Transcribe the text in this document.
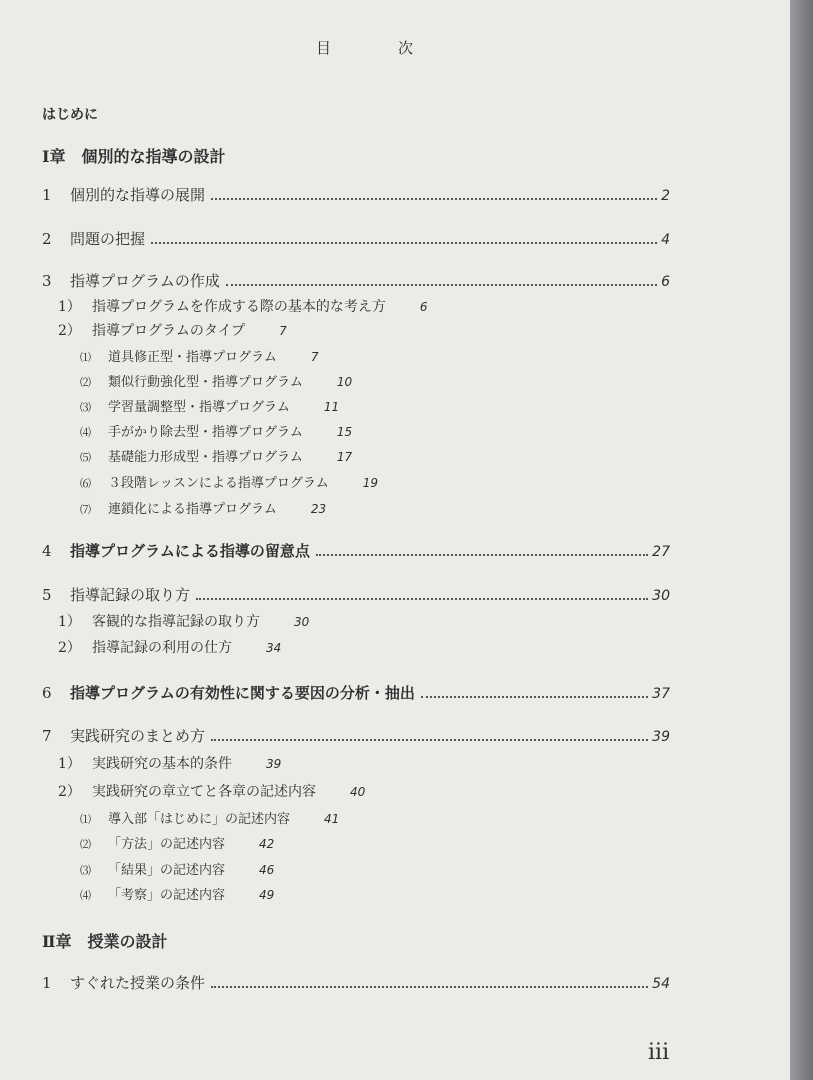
目　次
はじめに
Ⅰ章　個別的な指導の設計
1	個別的な指導の展開	2
2	問題の把握	4
3	指導プログラムの作成	6
1） 指導プログラムを作成する際の基本的な考え方	6
2） 指導プログラムのタイプ	7
⑴ 道具修正型・指導プログラム	7
⑵ 類似行動強化型・指導プログラム	10
⑶ 学習量調整型・指導プログラム	11
⑷ 手がかり除去型・指導プログラム	15
⑸ 基礎能力形成型・指導プログラム	17
⑹ ３段階レッスンによる指導プログラム	19
⑺ 連鎖化による指導プログラム	23
4	指導プログラムによる指導の留意点	27
5	指導記録の取り方	30
1） 客観的な指導記録の取り方	30
2） 指導記録の利用の仕方	34
6	指導プログラムの有効性に関する要因の分析・抽出	37
7	実践研究のまとめ方	39
1） 実践研究の基本的条件	39
2） 実践研究の章立てと各章の記述内容	40
⑴ 導入部「はじめに」の記述内容	41
⑵ 「方法」の記述内容	42
⑶ 「結果」の記述内容	46
⑷ 「考察」の記述内容	49
Ⅱ章　授業の設計
1	すぐれた授業の条件	54
iii
